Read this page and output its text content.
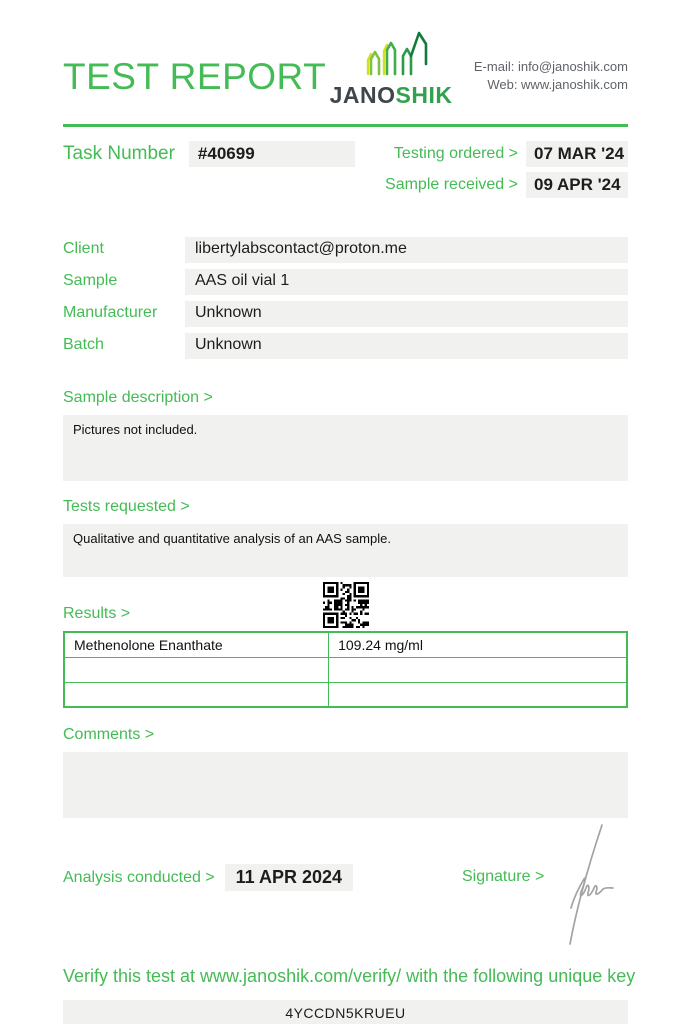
TEST REPORT JANOSHIK
E-mail: info@janoshik.com
Web: www.janoshik.com
Task Number	#40699	Testing ordered > 07 MAR '24
Sample received > 09 APR '24
Client	libertylabscontact@proton.me
Sample	AAS oil vial 1
Manufacturer	Unknown
Batch	Unknown
Sample description >
Pictures not included.
Tests requested >
Qualitative and quantitative analysis of an AAS sample.
Results >
Methenolone Enanthate	109.24 mg/ml

Comments >
Analysis conducted >	11 APR 2024	Signature >
Verify this test at www.janoshik.com/verify/ with the following unique key
4YCCDN5KRUEU
